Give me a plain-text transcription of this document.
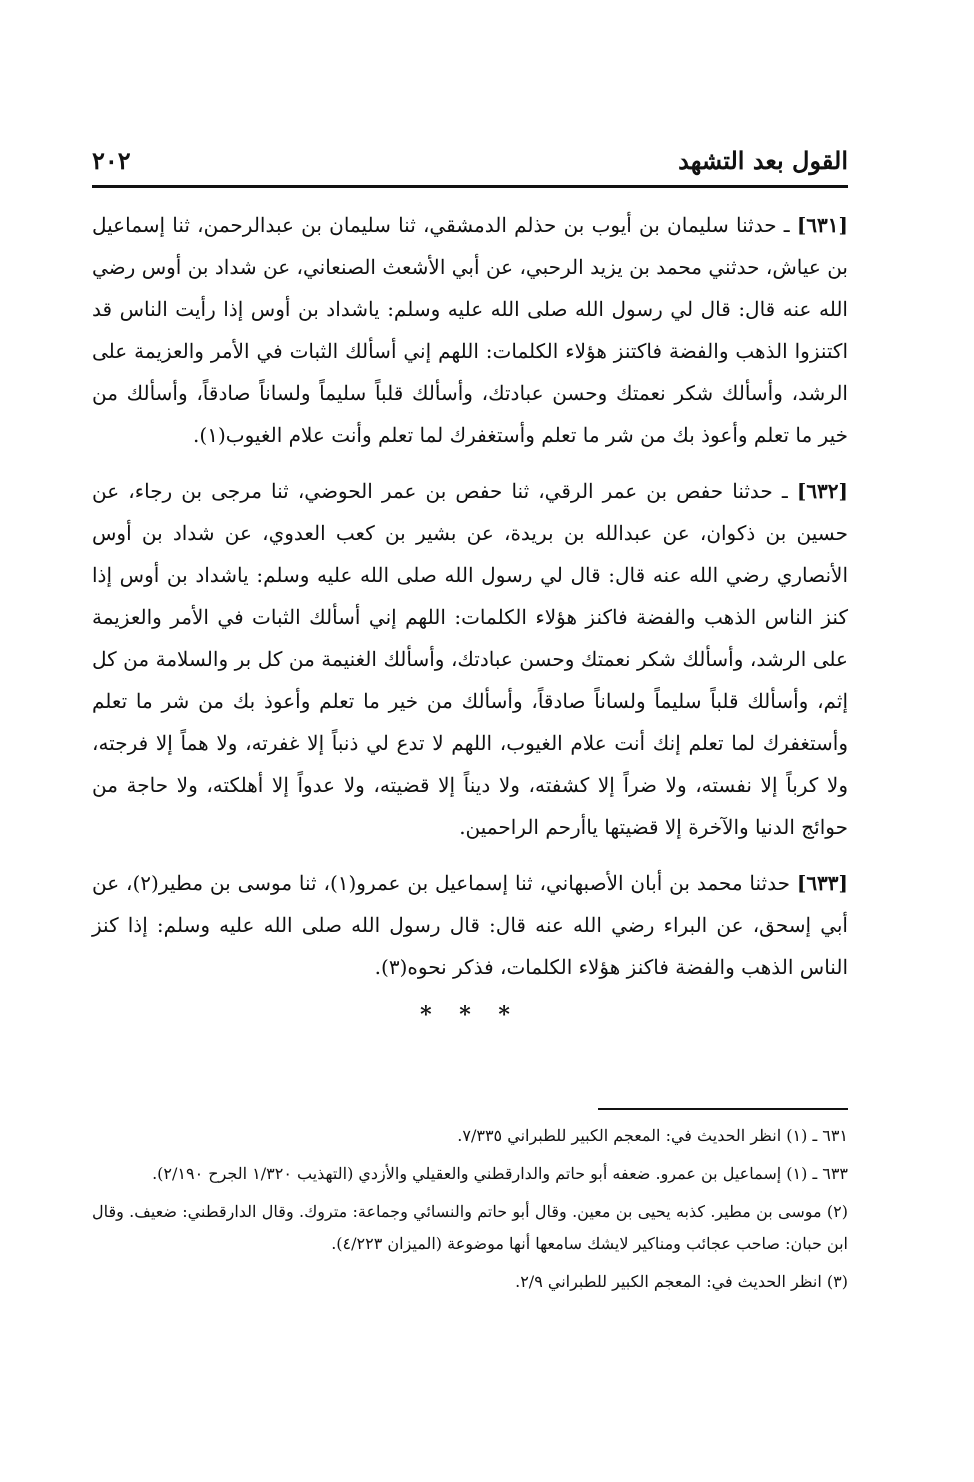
القول بعد التشهد
٢٠٢

[٦٣١] ـ حدثنا سليمان بن أيوب بن حذلم الدمشقي، ثنا سليمان بن عبدالرحمن، ثنا إسماعيل بن عياش، حدثني محمد بن يزيد الرحبي، عن أبي الأشعث الصنعاني، عن شداد بن أوس رضي الله عنه قال: قال لي رسول الله صلى الله عليه وسلم: ياشداد بن أوس إذا رأيت الناس قد اكتنزوا الذهب والفضة فاكتنز هؤلاء الكلمات: اللهم إني أسألك الثبات في الأمر والعزيمة على الرشد، وأسألك شكر نعمتك وحسن عبادتك، وأسألك قلباً سليماً ولساناً صادقاً، وأسألك من خير ما تعلم وأعوذ بك من شر ما تعلم وأستغفرك لما تعلم وأنت علام الغيوب(١).

[٦٣٢] ـ حدثنا حفص بن عمر الرقي، ثنا حفص بن عمر الحوضي، ثنا مرجى بن رجاء، عن حسين بن ذكوان، عن عبدالله بن بريدة، عن بشير بن كعب العدوي، عن شداد بن أوس الأنصاري رضي الله عنه قال: قال لي رسول الله صلى الله عليه وسلم: ياشداد بن أوس إذا كنز الناس الذهب والفضة فاكنز هؤلاء الكلمات: اللهم إني أسألك الثبات في الأمر والعزيمة على الرشد، وأسألك شكر نعمتك وحسن عبادتك، وأسألك الغنيمة من كل بر والسلامة من كل إثم، وأسألك قلباً سليماً ولساناً صادقاً، وأسألك من خير ما تعلم وأعوذ بك من شر ما تعلم وأستغفرك لما تعلم إنك أنت علام الغيوب، اللهم لا تدع لي ذنباً إلا غفرته، ولا هماً إلا فرجته، ولا كرباً إلا نفسته، ولا ضراً إلا كشفته، ولا ديناً إلا قضيته، ولا عدواً إلا أهلكته، ولا حاجة من حوائج الدنيا والآخرة إلا قضيتها ياأرحم الراحمين.

[٦٣٣] حدثنا محمد بن أبان الأصبهاني، ثنا إسماعيل بن عمرو(١)، ثنا موسى بن مطير(٢)، عن أبي إسحق، عن البراء رضي الله عنه قال: قال رسول الله صلى الله عليه وسلم: إذا كنز الناس الذهب والفضة فاكنز هؤلاء الكلمات، فذكر نحوه(٣).

* * *

٦٣١ ـ (١) انظر الحديث في: المعجم الكبير للطبراني ٧/٣٣٥.

٦٣٣ ـ (١) إسماعيل بن عمرو. ضعفه أبو حاتم والدارقطني والعقيلي والأزدي (التهذيب ١/٣٢٠ الجرح ٢/١٩٠).

(٢) موسى بن مطير. كذبه يحيى بن معين. وقال أبو حاتم والنسائي وجماعة: متروك. وقال الدارقطني: ضعيف. وقال ابن حبان: صاحب عجائب ومناكير لايشك سامعها أنها موضوعة (الميزان ٤/٢٢٣).

(٣) انظر الحديث في: المعجم الكبير للطبراني ٢/٩.
